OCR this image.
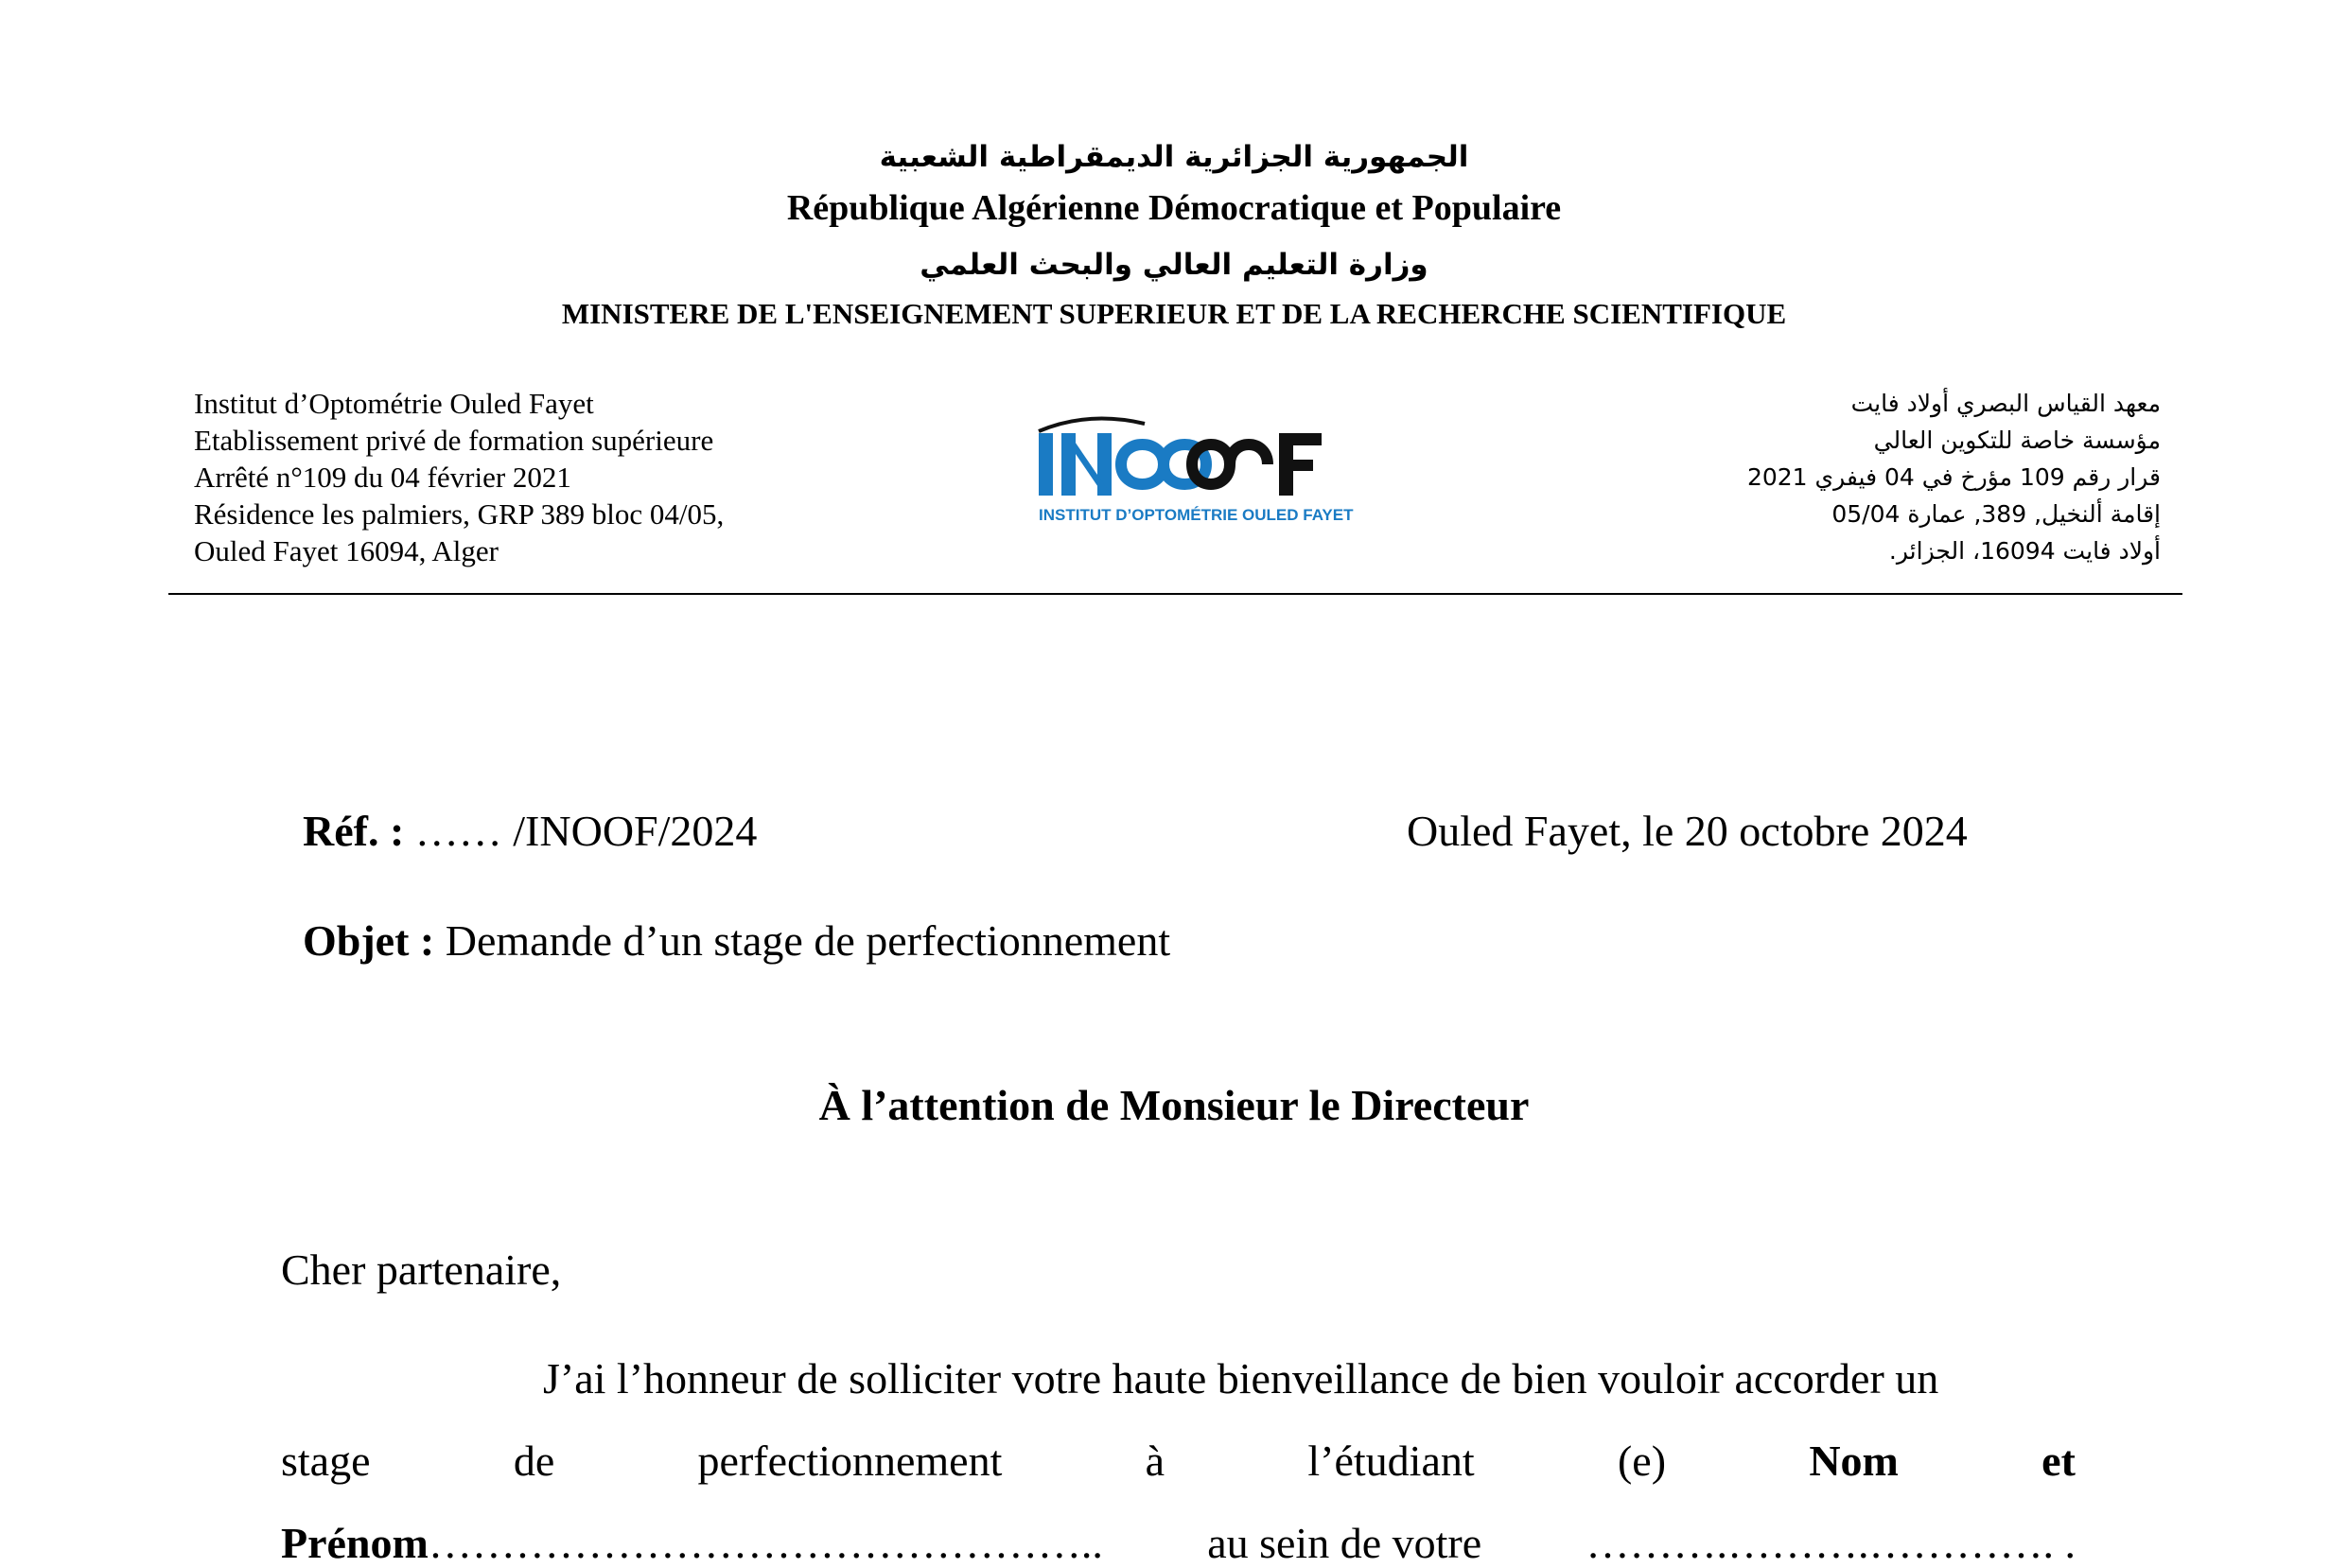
الجمهورية الجزائرية الديمقراطية الشعبية
République Algérienne Démocratique et Populaire
وزارة التعليم العالي والبحث العلمي
MINISTERE DE L'ENSEIGNEMENT SUPERIEUR ET DE LA RECHERCHE SCIENTIFIQUE
Institut d’Optométrie Ouled Fayet
Etablissement privé de formation supérieure
Arrêté n°109 du 04 février 2021
Résidence les palmiers, GRP 389 bloc 04/05,
Ouled Fayet 16094, Alger
INSTITUT D’OPTOMÉTRIE OULED FAYET
معهد القياس البصري أولاد فايت
مؤسسة خاصة للتكوين العالي
قرار رقم 109 مؤرخ في 04 فيفري 2021
إقامة ألنخيل, 389, عمارة 05/04
أولاد فايت 16094، الجزائر.
Réf. : …… /INOOF/2024	Ouled Fayet, le 20 octobre 2024
Objet : Demande d’un stage de perfectionnement
À l’attention de Monsieur le Directeur
Cher partenaire,
J’ai l’honneur de solliciter votre haute bienveillance de bien vouloir accorder un
stage	de	perfectionnement	à	l’étudiant	(e)	Nom	et
Prénom……………………………………….. au sein de votre ……….……….…………. .
